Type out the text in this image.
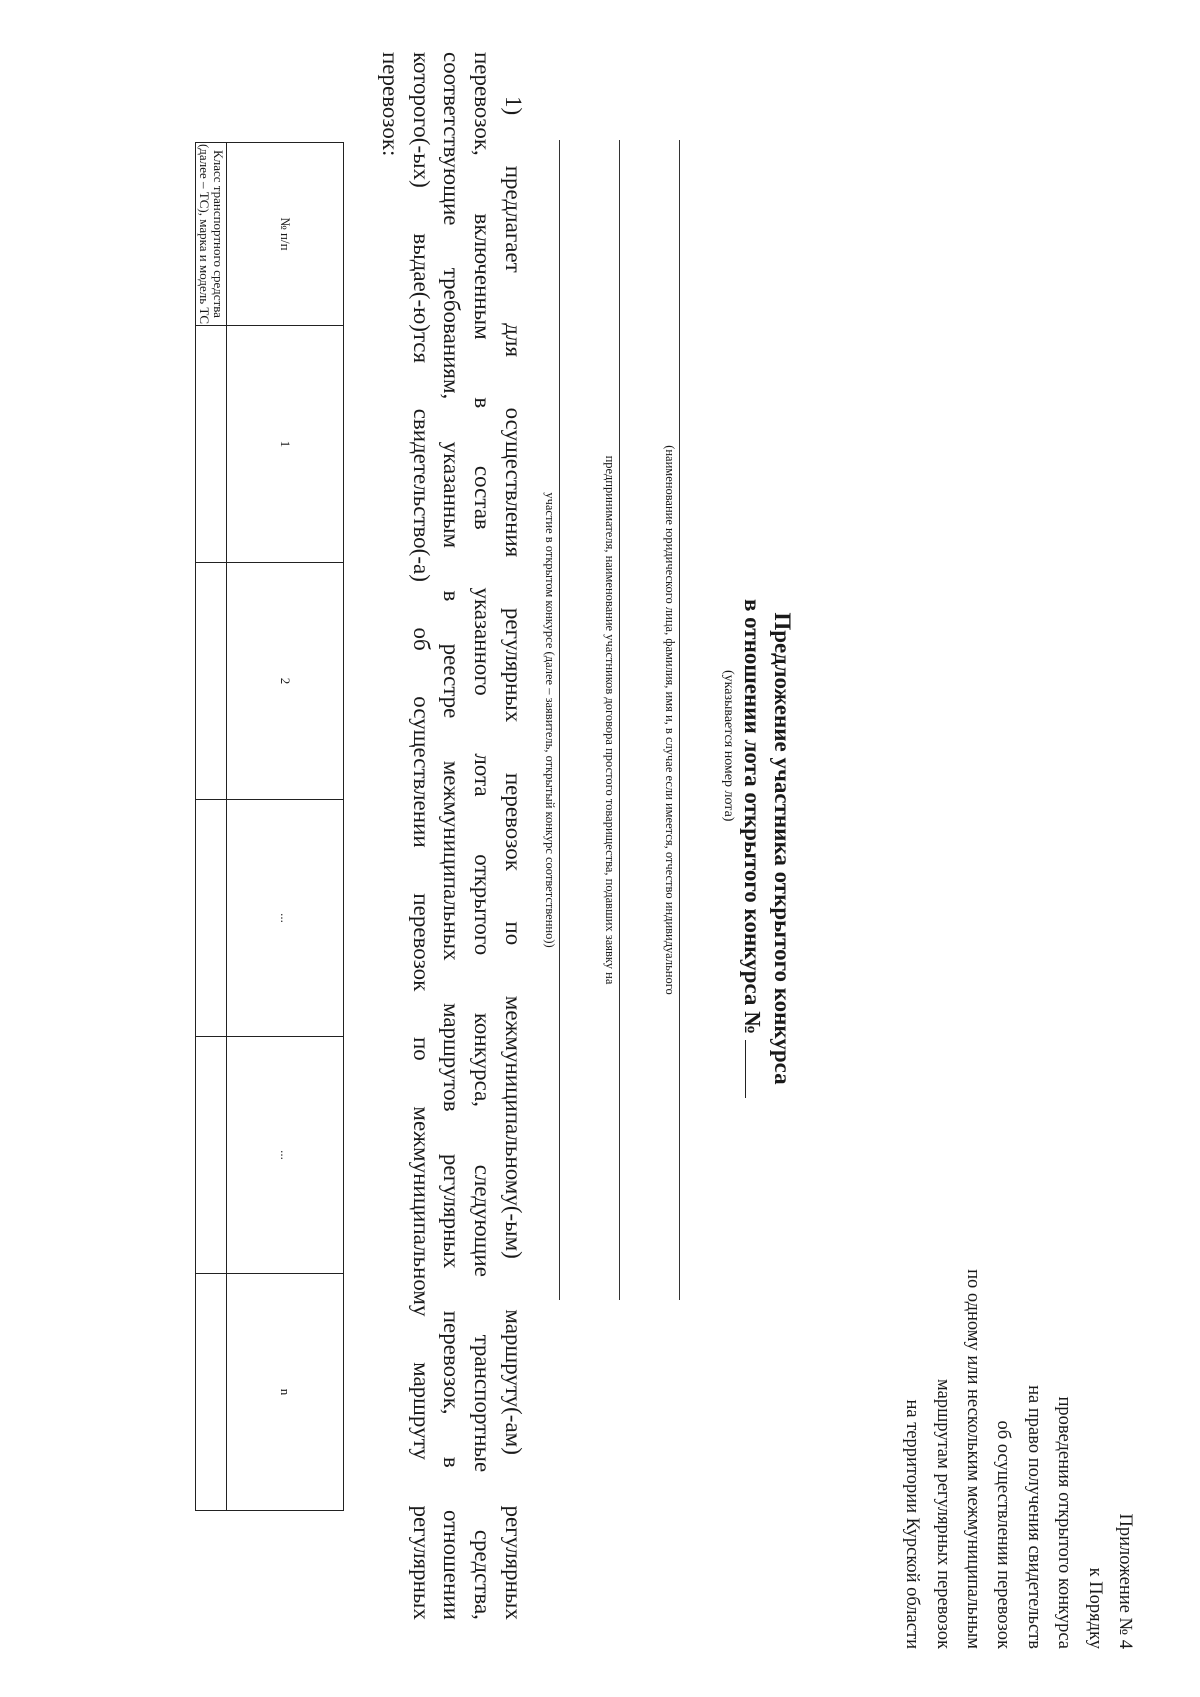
Приложение № 4
к Порядку
проведения открытого конкурса
на право получения свидетельств
об осуществлении перевозок
по одному или нескольким межмуниципальным
маршрутам регулярных перевозок
на территории Курской области
Предложение участника открытого конкурса
в отношении лота открытого конкурса №
(указывается номер лота)
(наименование юридического лица, фамилия, имя и, в случае если имеется, отчество индивидуального
предпринимателя, наименование участников договора простого товарищества, подавших заявку на
участие в открытом конкурсе (далее – заявитель, открытый конкурс соответственно))
1)
предлагает
для
осуществления
регулярных
перевозок
по
межмуниципальному(-ым)
маршруту(-ам)
регулярных
перевозок,
включенным
в
состав
указанного
лота
открытого
конкурса,
следующие
транспортные
средства,
соответствующие
требованиям,
указанным
в
реестре
межмуниципальных
маршрутов
регулярных
перевозок,
в
отношении
которого(-ых)
выдае(-ю)тся
свидетельство(-а)
об
осуществлении
перевозок
по
межмуниципальному
маршруту
регулярных
перевозок:
№ п/п	1	2	...	...	n
Класс транспортного средства (далее – ТС), марка и модель ТС					
